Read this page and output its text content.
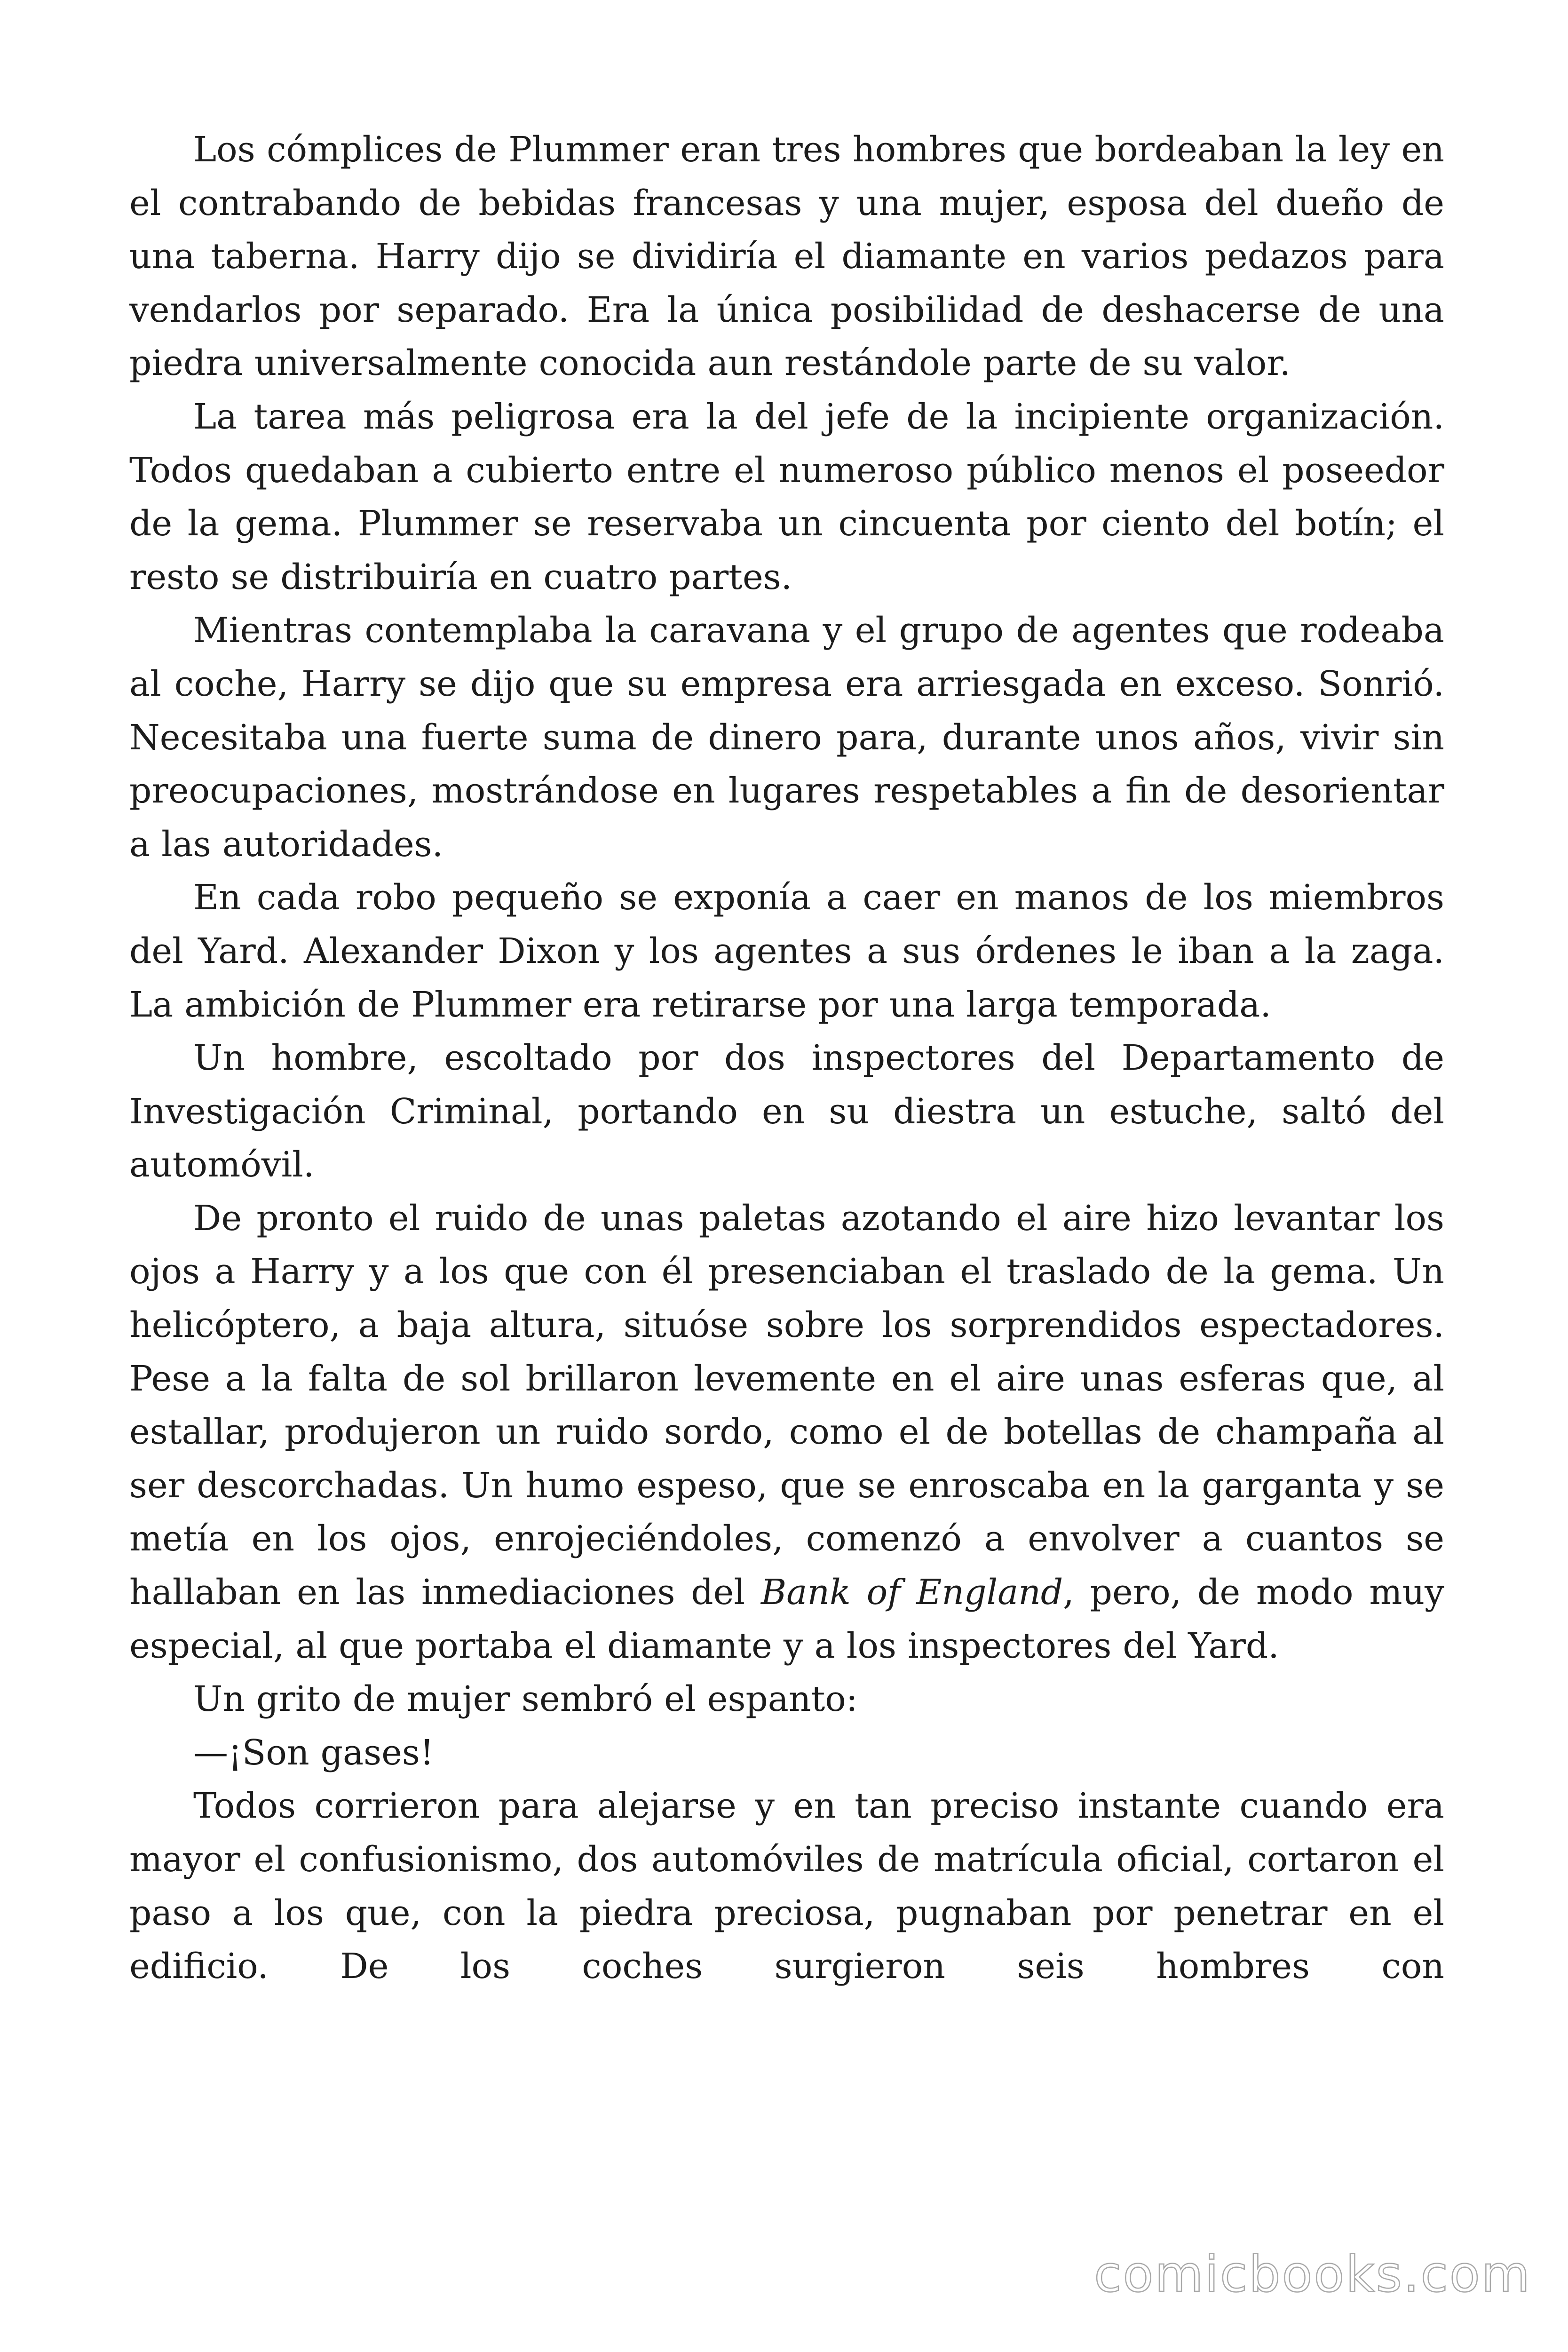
Los cómplices de Plummer eran tres hombres que bordeaban la ley en el contrabando de bebidas francesas y una mujer, esposa del dueño de una taberna. Harry dijo se dividiría el diamante en varios pedazos para vendarlos por separado. Era la única posibilidad de deshacerse de una piedra universalmente conocida aun restándole parte de su valor.

La tarea más peligrosa era la del jefe de la incipiente organización. Todos quedaban a cubierto entre el numeroso público menos el poseedor de la gema. Plummer se reservaba un cincuenta por ciento del botín; el resto se distribuiría en cuatro partes.

Mientras contemplaba la caravana y el grupo de agentes que rodeaba al coche, Harry se dijo que su empresa era arriesgada en exceso. Sonrió. Necesitaba una fuerte suma de dinero para, durante unos años, vivir sin preocupaciones, mostrándose en lugares respetables a fin de desorientar a las autoridades.

En cada robo pequeño se exponía a caer en manos de los miembros del Yard. Alexander Dixon y los agentes a sus órdenes le iban a la zaga. La ambición de Plummer era retirarse por una larga temporada.

Un hombre, escoltado por dos inspectores del Departamento de Investigación Criminal, portando en su diestra un estuche, saltó del automóvil.

De pronto el ruido de unas paletas azotando el aire hizo levantar los ojos a Harry y a los que con él presenciaban el traslado de la gema. Un helicóptero, a baja altura, situóse sobre los sorprendidos espectadores. Pese a la falta de sol brillaron levemente en el aire unas esferas que, al estallar, produjeron un ruido sordo, como el de botellas de champaña al ser descorchadas. Un humo espeso, que se enroscaba en la garganta y se metía en los ojos, enrojeciéndoles, comenzó a envolver a cuantos se hallaban en las inmediaciones del Bank of England, pero, de modo muy especial, al que portaba el diamante y a los inspectores del Yard.

Un grito de mujer sembró el espanto:

—¡Son gases!

Todos corrieron para alejarse y en tan preciso instante cuando era mayor el confusionismo, dos automóviles de matrícula oficial, cortaron el paso a los que, con la piedra preciosa, pugnaban por penetrar en el edificio. De los coches surgieron seis hombres con

comicbooks.com
